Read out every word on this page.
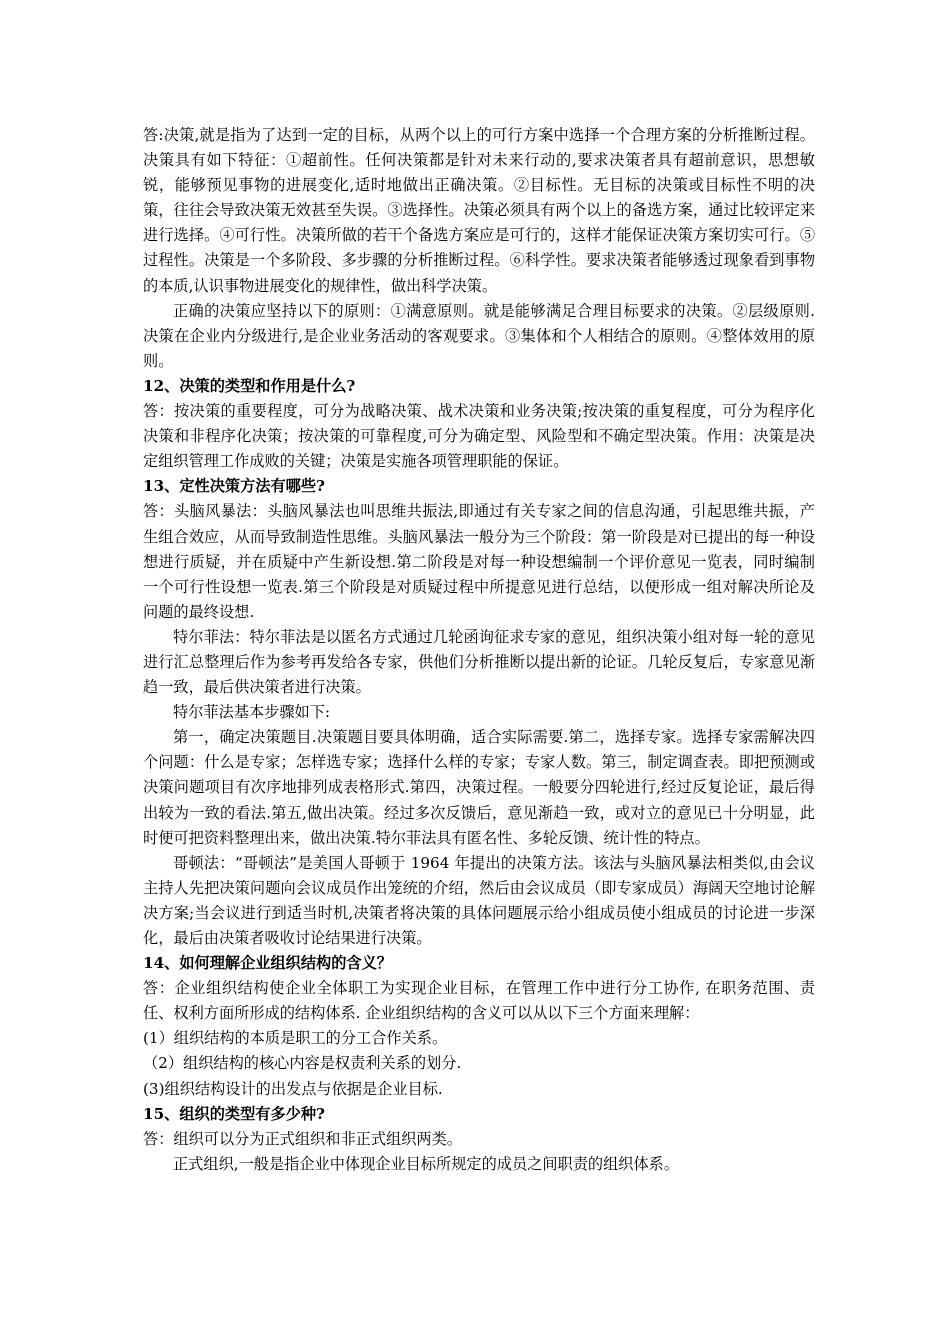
答:决策,就是指为了达到一定的目标，从两个以上的可行方案中选择一个合理方案的分析推断过程。决策具有如下特征：①超前性。任何决策都是针对未来行动的,要求决策者具有超前意识，思想敏锐，能够预见事物的进展变化,适时地做出正确决策。②目标性。无目标的决策或目标性不明的决策，往往会导致决策无效甚至失误。③选择性。决策必须具有两个以上的备选方案，通过比较评定来进行选择。④可行性。决策所做的若干个备选方案应是可行的，这样才能保证决策方案切实可行。⑤过程性。决策是一个多阶段、多步骤的分析推断过程。⑥科学性。要求决策者能够透过现象看到事物的本质,认识事物进展变化的规律性，做出科学决策。

正确的决策应坚持以下的原则：①满意原则。就是能够满足合理目标要求的决策。②层级原则.决策在企业内分级进行,是企业业务活动的客观要求。③集体和个人相结合的原则。④整体效用的原则。

12、决策的类型和作用是什么?

答：按决策的重要程度，可分为战略决策、战术决策和业务决策;按决策的重复程度，可分为程序化决策和非程序化决策；按决策的可靠程度,可分为确定型、风险型和不确定型决策。作用：决策是决定组织管理工作成败的关键；决策是实施各项管理职能的保证。

13、定性决策方法有哪些?

答：头脑风暴法：头脑风暴法也叫思维共振法,即通过有关专家之间的信息沟通，引起思维共振，产生组合效应，从而导致制造性思维。头脑风暴法一般分为三个阶段：第一阶段是对已提出的每一种设想进行质疑，并在质疑中产生新设想.第二阶段是对每一种设想编制一个评价意见一览表，同时编制一个可行性设想一览表.第三个阶段是对质疑过程中所提意见进行总结，以便形成一组对解决所论及问题的最终设想.

特尔菲法：特尔菲法是以匿名方式通过几轮函询征求专家的意见，组织决策小组对每一轮的意见进行汇总整理后作为参考再发给各专家，供他们分析推断以提出新的论证。几轮反复后，专家意见渐趋一致，最后供决策者进行决策。

特尔菲法基本步骤如下:

第一，确定决策题目.决策题目要具体明确，适合实际需要.第二，选择专家。选择专家需解决四个问题：什么是专家；怎样选专家；选择什么样的专家；专家人数。第三，制定调查表。即把预测或决策问题项目有次序地排列成表格形式.第四，决策过程。一般要分四轮进行,经过反复论证，最后得出较为一致的看法.第五,做出决策。经过多次反馈后，意见渐趋一致，或对立的意见已十分明显，此时便可把资料整理出来，做出决策.特尔菲法具有匿名性、多轮反馈、统计性的特点。

哥顿法：“哥顿法”是美国人哥顿于 1964 年提出的决策方法。该法与头脑风暴法相类似,由会议主持人先把决策问题向会议成员作出笼统的介绍，然后由会议成员（即专家成员）海阔天空地讨论解决方案;当会议进行到适当时机,决策者将决策的具体问题展示给小组成员使小组成员的讨论进一步深化，最后由决策者吸收讨论结果进行决策。

14、如何理解企业组织结构的含义？

答：企业组织结构使企业全体职工为实现企业目标，在管理工作中进行分工协作, 在职务范围、责任、权利方面所形成的结构体系. 企业组织结构的含义可以从以下三个方面来理解：

(1）组织结构的本质是职工的分工合作关系。

（2）组织结构的核心内容是权责利关系的划分.

(3)组织结构设计的出发点与依据是企业目标.

15、组织的类型有多少种?

答：组织可以分为正式组织和非正式组织两类。

正式组织,一般是指企业中体现企业目标所规定的成员之间职责的组织体系。
